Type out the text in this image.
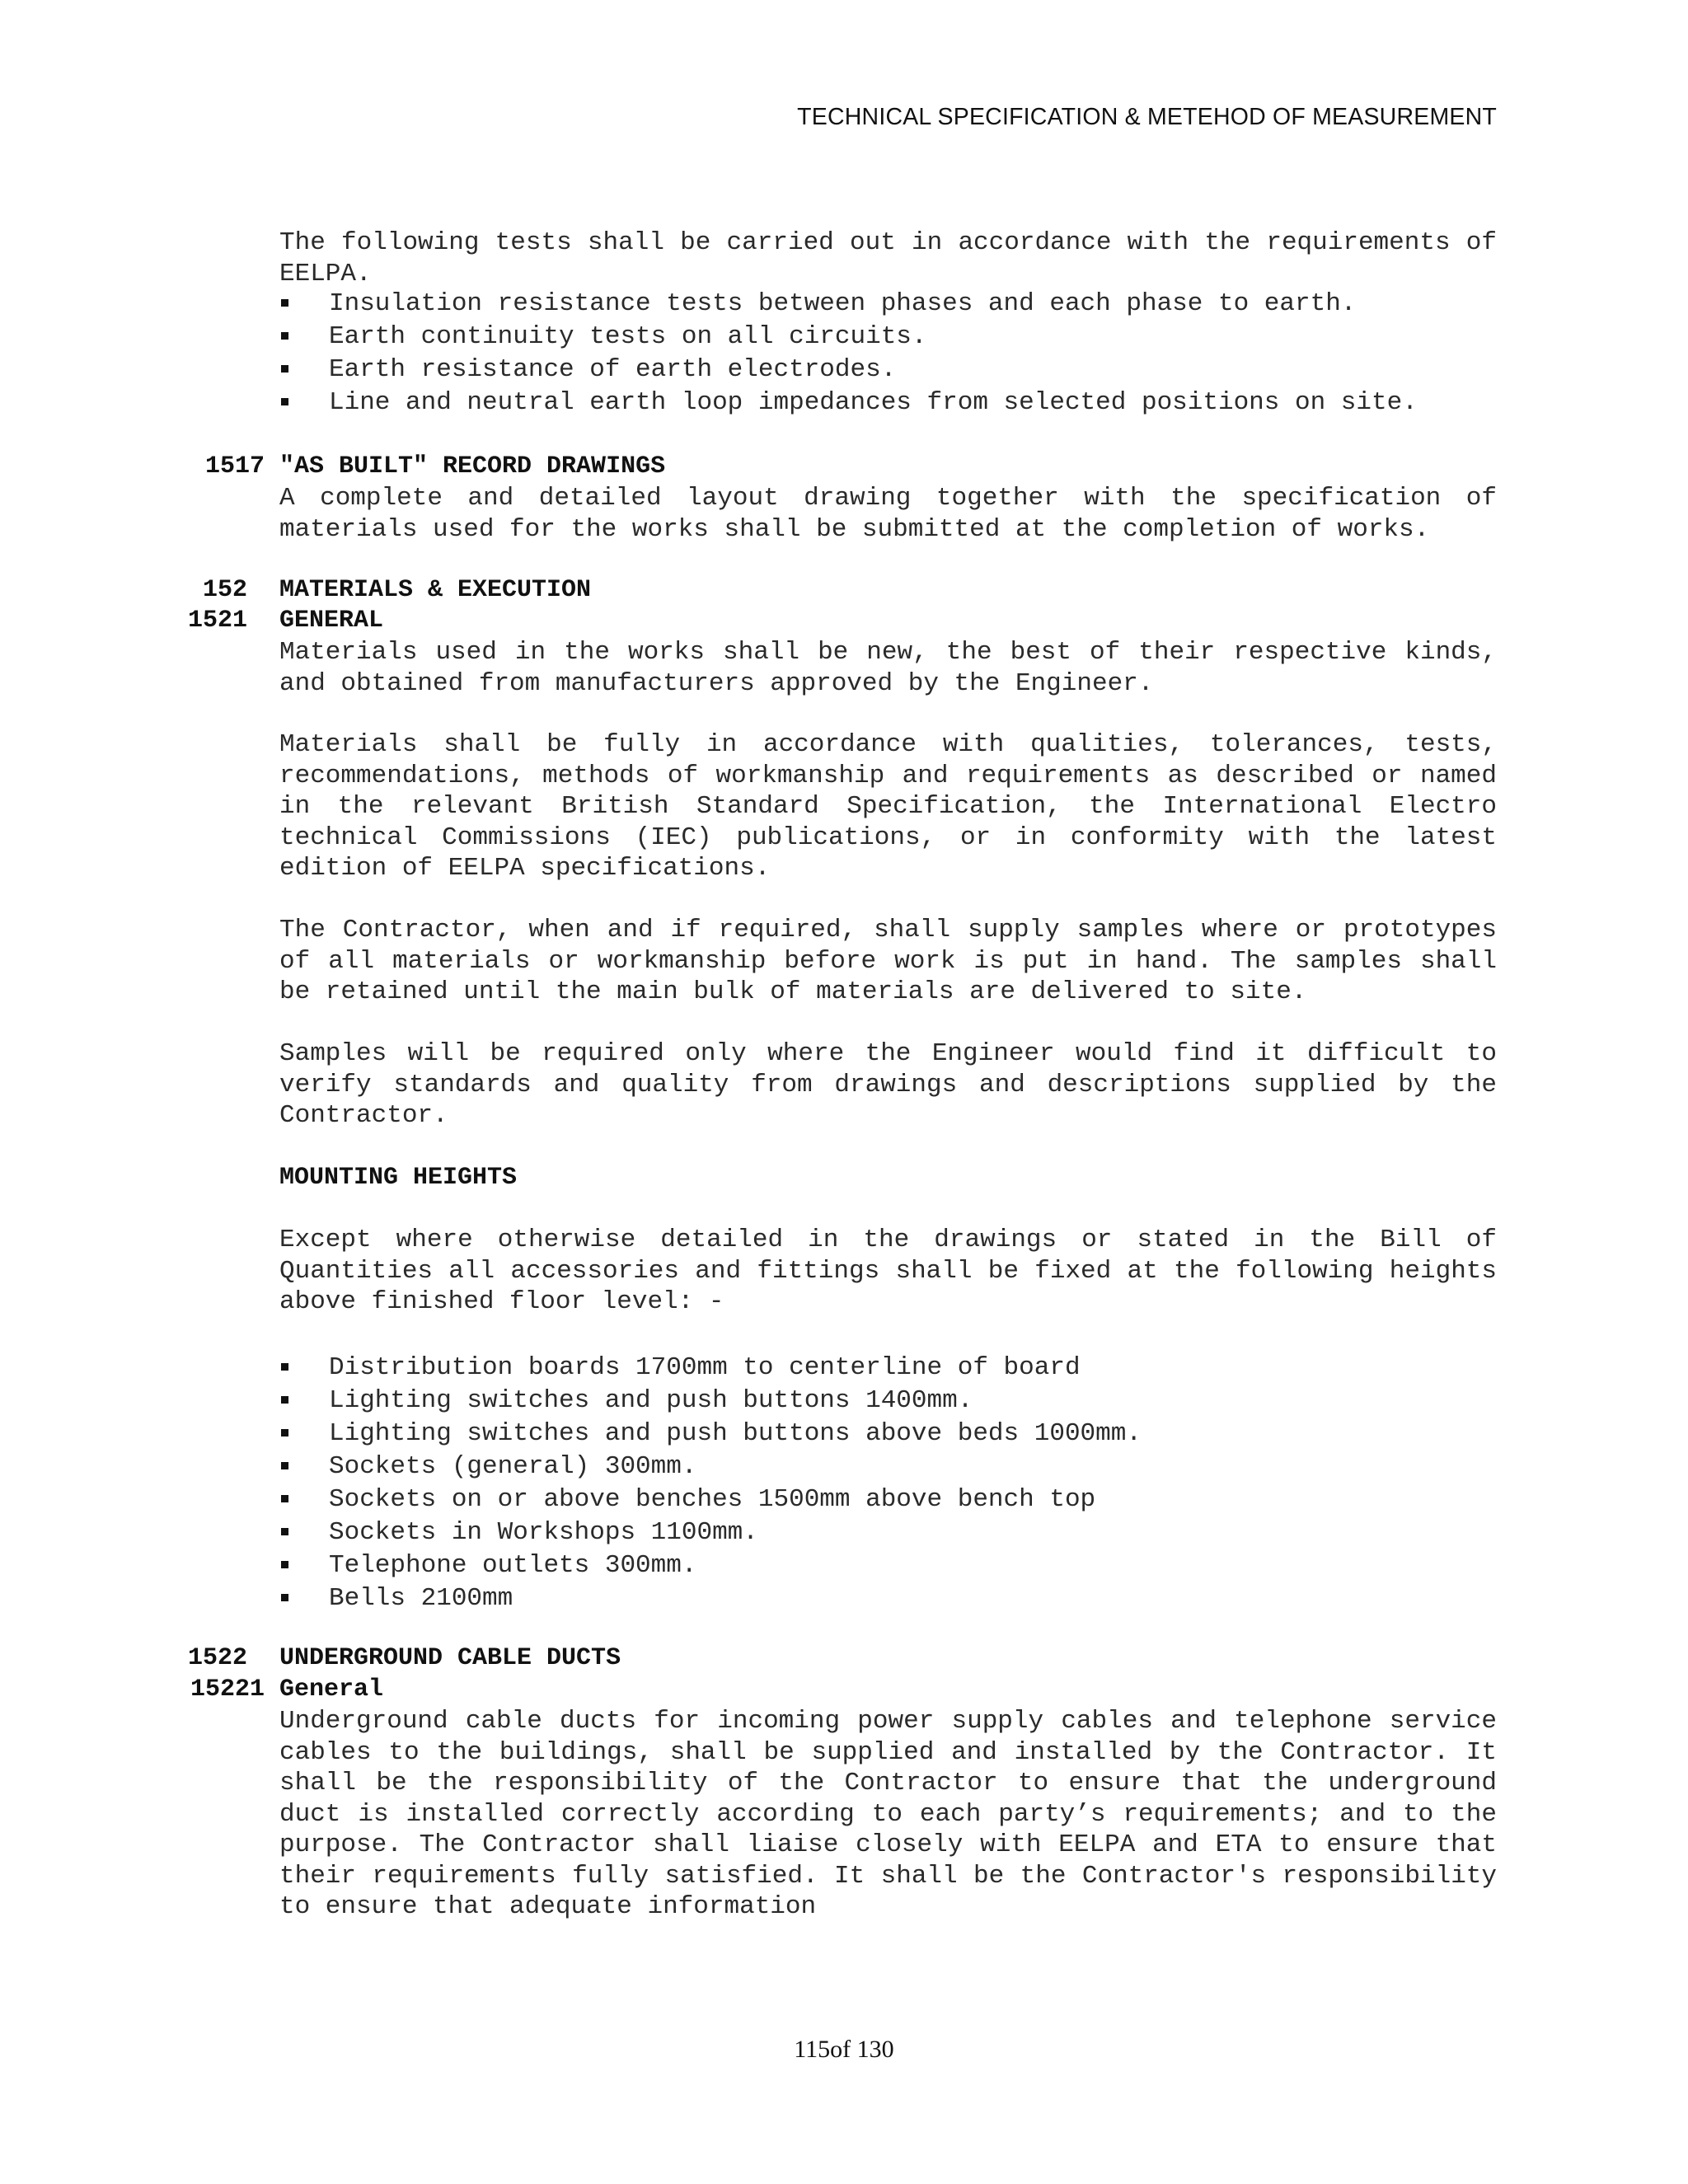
TECHNICAL SPECIFICATION & METEHOD OF MEASUREMENT

The following tests shall be carried out in accordance with the requirements of EELPA.

Insulation resistance tests between phases and each phase to earth.
Earth continuity tests on all circuits.
Earth resistance of earth electrodes.
Line and neutral earth loop impedances from selected positions on site.
1517 "AS BUILT" RECORD DRAWINGS

A complete and detailed layout drawing together with the specification of materials used for the works shall be submitted at the completion of works.

152 MATERIALS & EXECUTION
1521 GENERAL

Materials used in the works shall be new, the best of their respective kinds, and obtained from manufacturers approved by the Engineer.

Materials shall be fully in accordance with qualities, tolerances, tests, recommendations, methods of workmanship and requirements as described or named in the relevant British Standard Specification, the International Electro technical Commissions (IEC) publications, or in conformity with the latest edition of EELPA specifications.

The Contractor, when and if required, shall supply samples where or prototypes of all materials or workmanship before work is put in hand. The samples shall be retained until the main bulk of materials are delivered to site.

Samples will be required only where the Engineer would find it difficult to verify standards and quality from drawings and descriptions supplied by the Contractor.

MOUNTING HEIGHTS

Except where otherwise detailed in the drawings or stated in the Bill of Quantities all accessories and fittings shall be fixed at the following heights above finished floor level: -

Distribution boards 1700mm to centerline of board
Lighting switches and push buttons 1400mm.
Lighting switches and push buttons above beds 1000mm.
Sockets (general) 300mm.
Sockets on or above benches 1500mm above bench top
Sockets in Workshops 1100mm.
Telephone outlets 300mm.
Bells 2100mm
1522 UNDERGROUND CABLE DUCTS
15221 General

Underground cable ducts for incoming power supply cables and telephone service cables to the buildings, shall be supplied and installed by the Contractor. It shall be the responsibility of the Contractor to ensure that the underground duct is installed correctly according to each party’s requirements; and to the purpose. The Contractor shall liaise closely with EELPA and ETA to ensure that their requirements fully satisfied. It shall be the Contractor's responsibility to ensure that adequate information

115of 130
